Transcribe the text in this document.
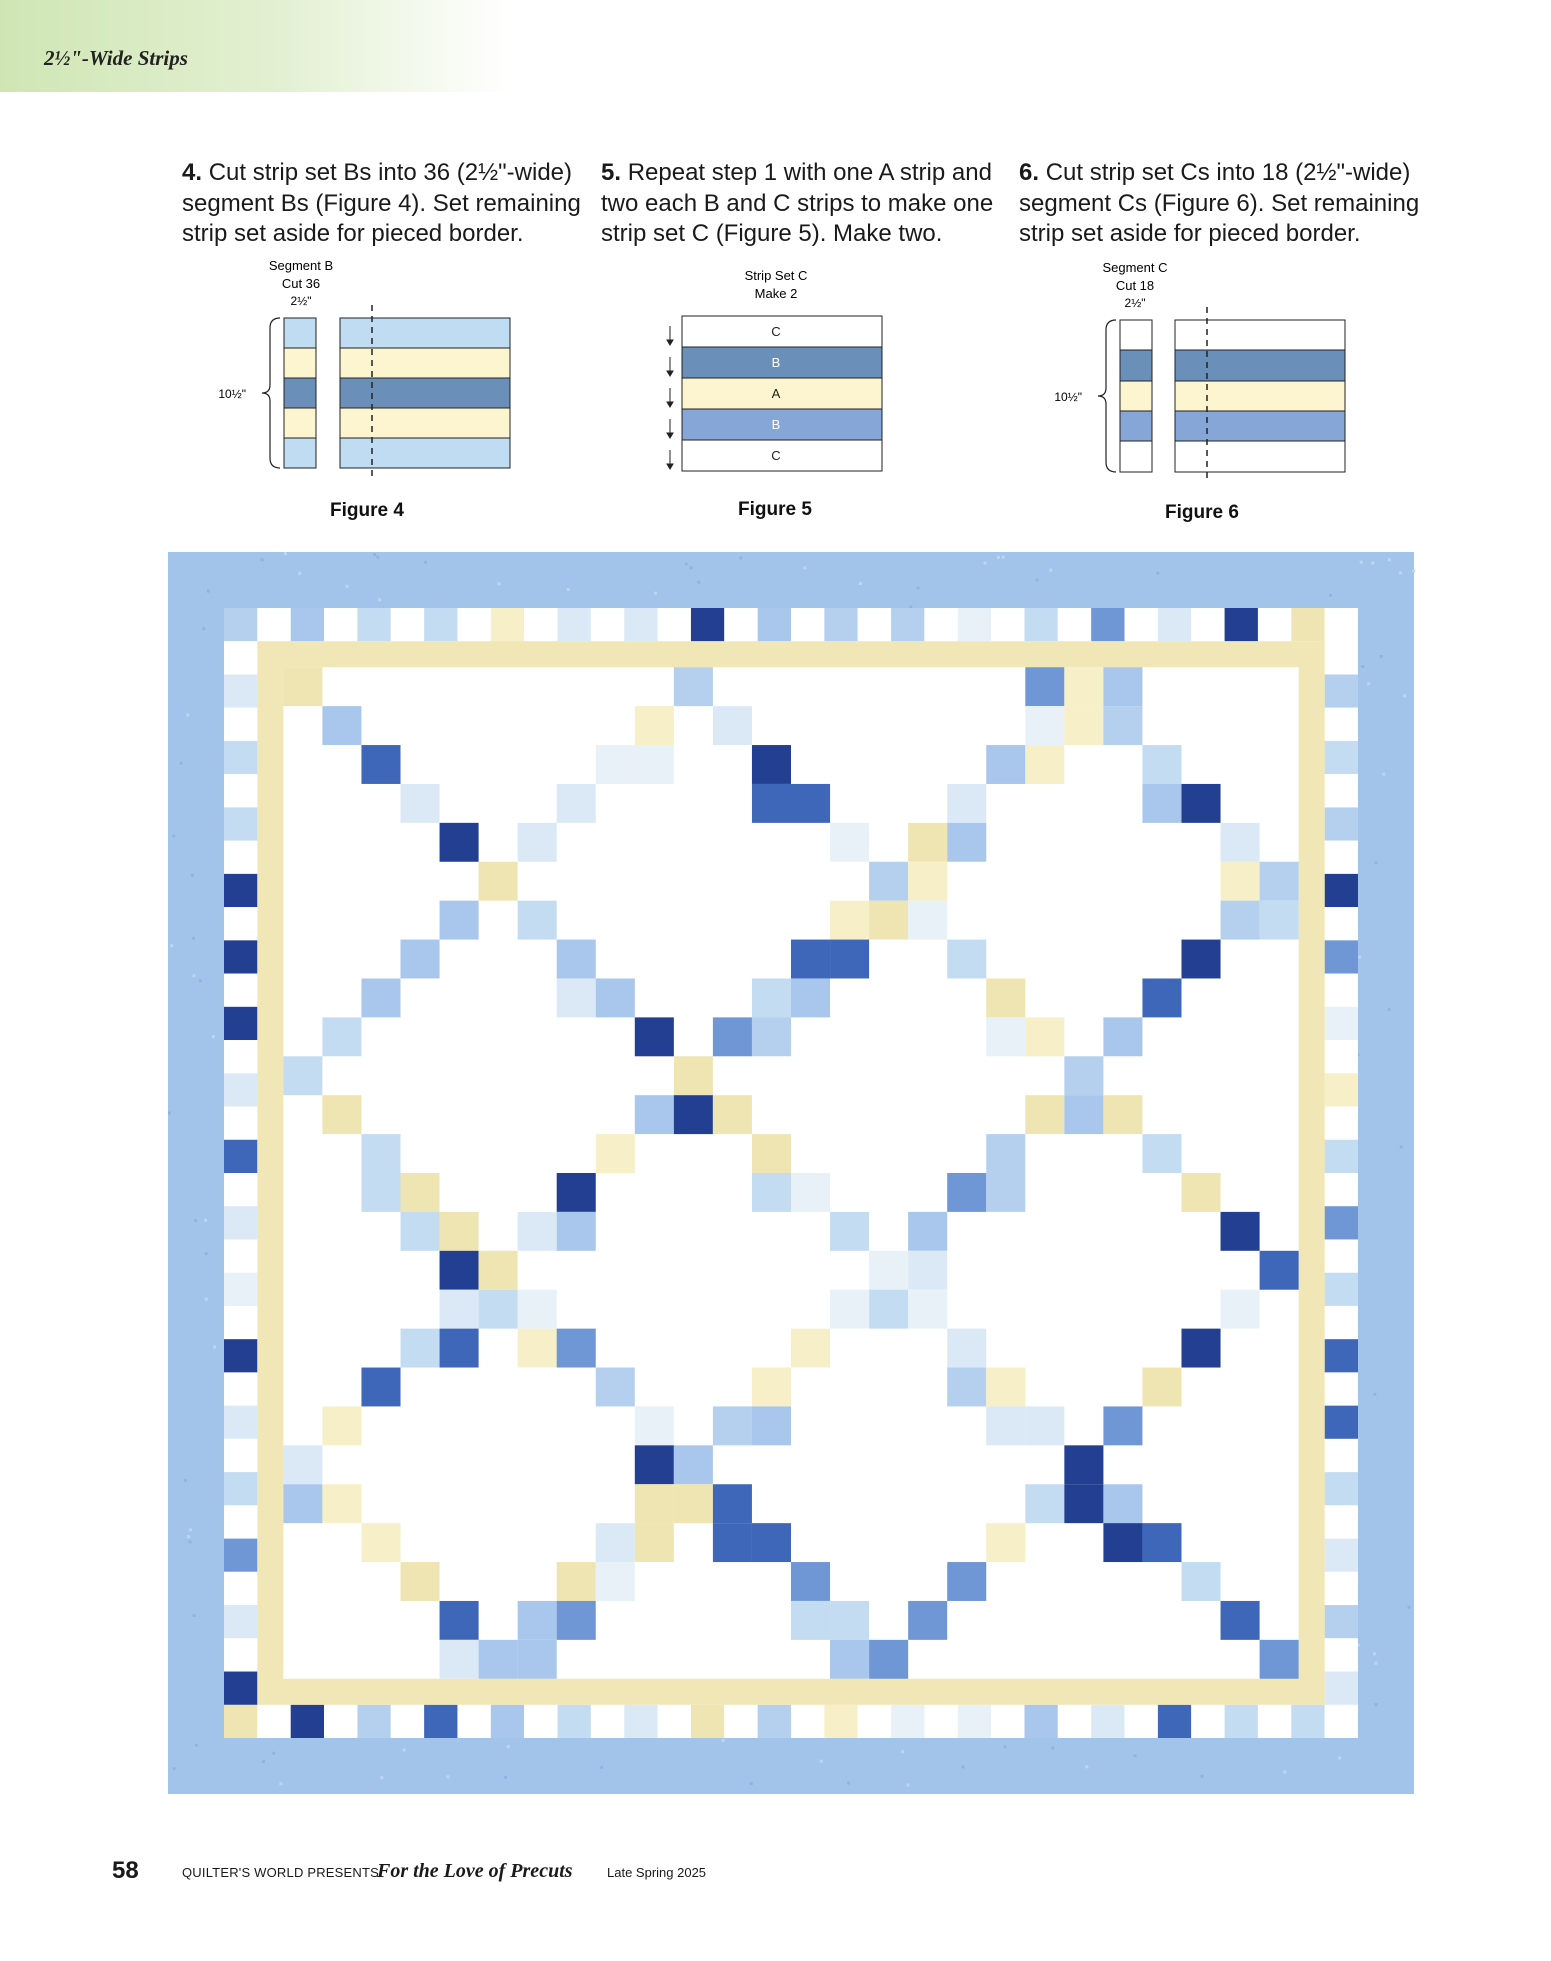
2½"-Wide Strips
4. Cut strip set Bs into 36 (2½"-wide) segment Bs (Figure 4). Set remaining strip set aside for pieced border.
5. Repeat step 1 with one A strip and two each B and C strips to make one strip set C (Figure 5). Make two.
6. Cut strip set Cs into 18 (2½"-wide) segment Cs (Figure 6). Set remaining strip set aside for pieced border.
Segment B
Cut 36
2½"
10½"
Figure 4
Strip Set C
Make 2
C
B
A
B
C
Figure 5
Segment C
Cut 18
2½"
10½"
Figure 6
58	QUILTER'S WORLD PRESENTS:
For the Love of Precuts	Late Spring 2025
